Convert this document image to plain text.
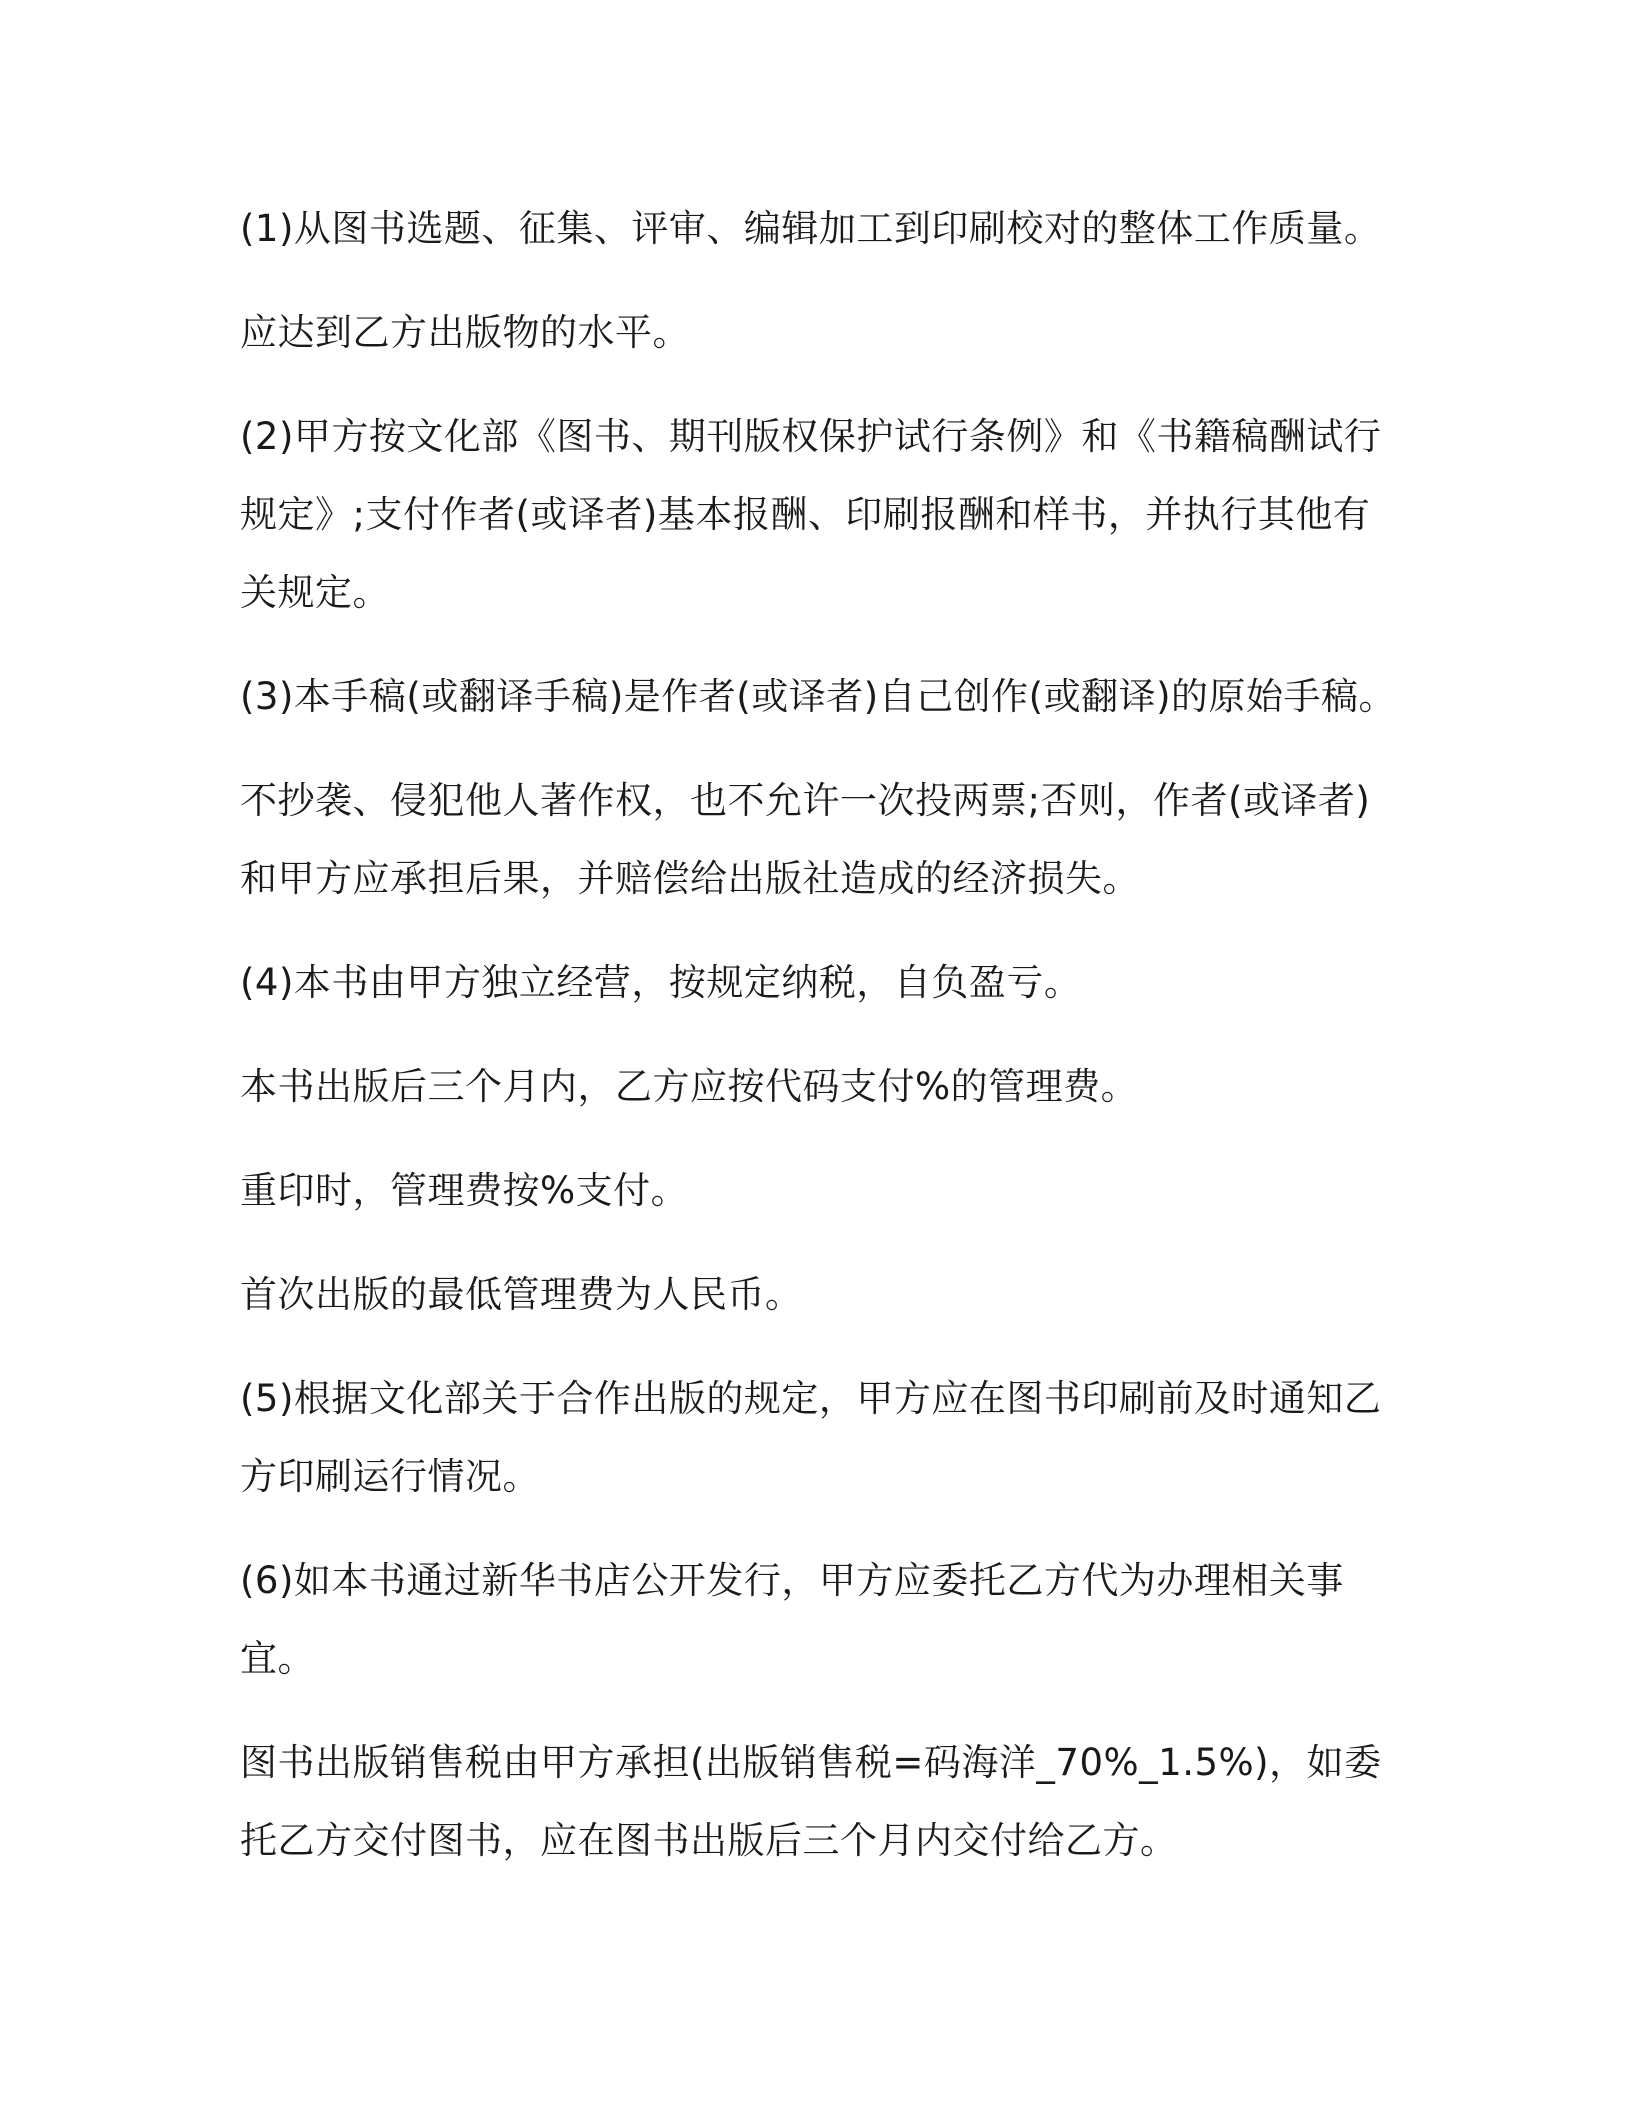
(1)从图书选题、征集、评审、编辑加工到印刷校对的整体工作质量。

应达到乙方出版物的水平。

(2)甲方按文化部《图书、期刊版权保护试行条例》和《书籍稿酬试行规定》;支付作者(或译者)基本报酬、印刷报酬和样书，并执行其他有关规定。

(3)本手稿(或翻译手稿)是作者(或译者)自己创作(或翻译)的原始手稿。

不抄袭、侵犯他人著作权，也不允许一次投两票;否则，作者(或译者)和甲方应承担后果，并赔偿给出版社造成的经济损失。

(4)本书由甲方独立经营，按规定纳税，自负盈亏。

本书出版后三个月内，乙方应按代码支付%的管理费。

重印时，管理费按%支付。

首次出版的最低管理费为人民币。

(5)根据文化部关于合作出版的规定，甲方应在图书印刷前及时通知乙方印刷运行情况。

(6)如本书通过新华书店公开发行，甲方应委托乙方代为办理相关事宜。

图书出版销售税由甲方承担(出版销售税=码海洋_70%_1.5%)，如委托乙方交付图书，应在图书出版后三个月内交付给乙方。
